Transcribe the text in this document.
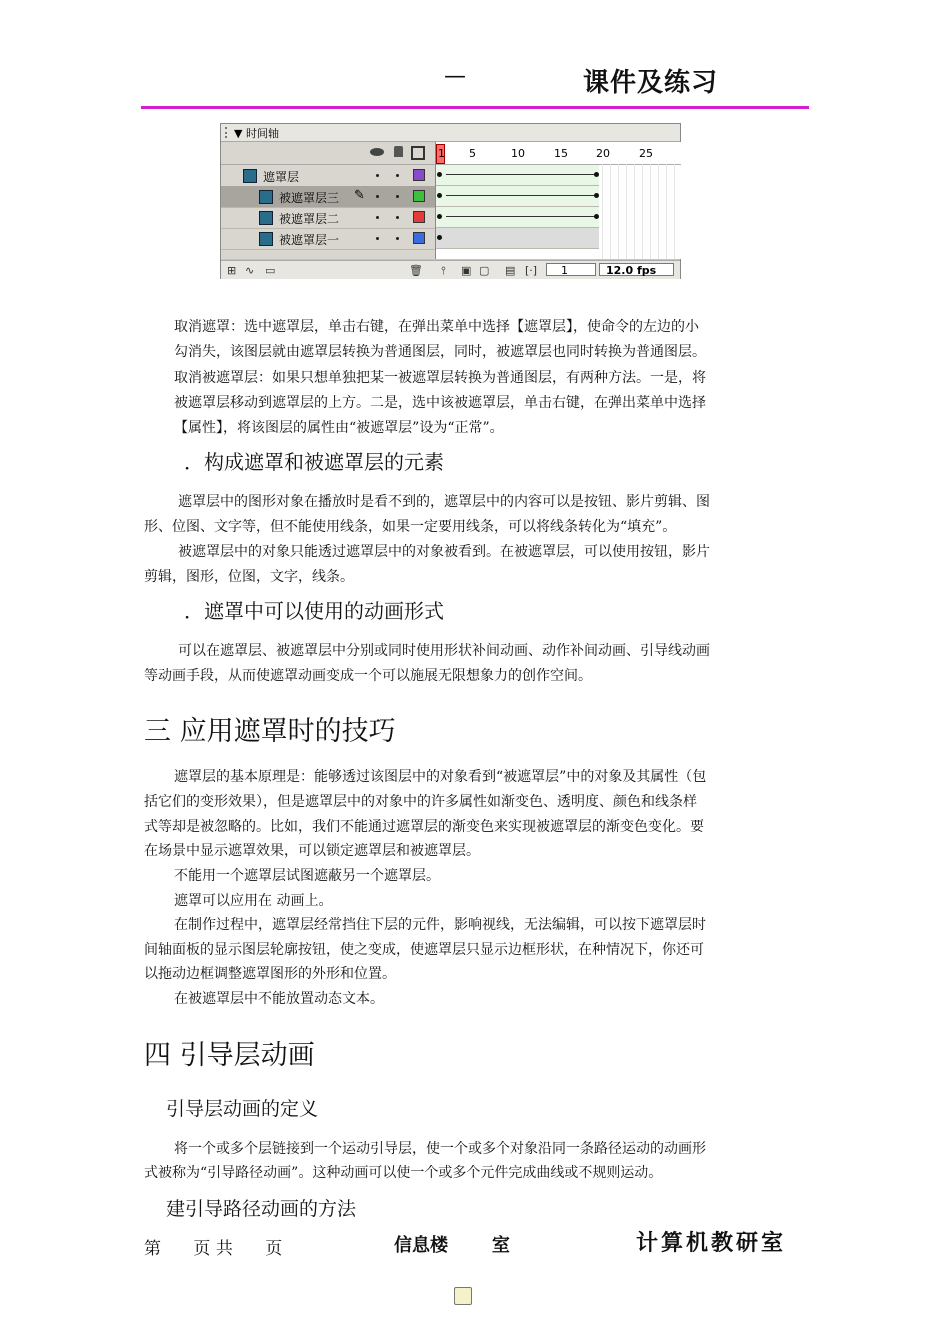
—	课件及练习
▼ 时间轴
遮罩层
被遮罩层三 ✎
被遮罩层二
被遮罩层一
1 5	10	15	20	25
⊞ ∿ ▭	🗑 ⫯ ▣ ▢ ▤ [·]	1	12.0 fps
取消遮罩：选中遮罩层，单击右键，在弹出菜单中选择【遮罩层】，使命令的左边的小
勾消失，该图层就由遮罩层转换为普通图层，同时，被遮罩层也同时转换为普通图层。
取消被遮罩层：如果只想单独把某一被遮罩层转换为普通图层，有两种方法。一是，将
被遮罩层移动到遮罩层的上方。二是，选中该被遮罩层，单击右键，在弹出菜单中选择
【属性】，将该图层的属性由“被遮罩层”设为“正常”。
．构成遮罩和被遮罩层的元素
遮罩层中的图形对象在播放时是看不到的，遮罩层中的内容可以是按钮、影片剪辑、图
形、位图、文字等，但不能使用线条，如果一定要用线条，可以将线条转化为“填充”。
被遮罩层中的对象只能透过遮罩层中的对象被看到。在被遮罩层，可以使用按钮，影片
剪辑，图形，位图，文字，线条。
．遮罩中可以使用的动画形式
可以在遮罩层、被遮罩层中分别或同时使用形状补间动画、动作补间动画、引导线动画
等动画手段，从而使遮罩动画变成一个可以施展无限想象力的创作空间。
三 应用遮罩时的技巧
遮罩层的基本原理是：能够透过该图层中的对象看到“被遮罩层”中的对象及其属性（包
括它们的变形效果），但是遮罩层中的对象中的许多属性如渐变色、透明度、颜色和线条样
式等却是被忽略的。比如，我们不能通过遮罩层的渐变色来实现被遮罩层的渐变色变化。要
在场景中显示遮罩效果，可以锁定遮罩层和被遮罩层。
不能用一个遮罩层试图遮蔽另一个遮罩层。
遮罩可以应用在 动画上。
在制作过程中，遮罩层经常挡住下层的元件，影响视线，无法编辑，可以按下遮罩层时
间轴面板的显示图层轮廓按钮，使之变成，使遮罩层只显示边框形状，在种情况下，你还可
以拖动边框调整遮罩图形的外形和位置。
在被遮罩层中不能放置动态文本。
四 引导层动画
引导层动画的定义
将一个或多个层链接到一个运动引导层，使一个或多个对象沿同一条路径运动的动画形
式被称为“引导路径动画”。这种动画可以使一个或多个元件完成曲线或不规则运动。
建引导路径动画的方法
第      页 共      页	信息楼       室	计算机教研室
